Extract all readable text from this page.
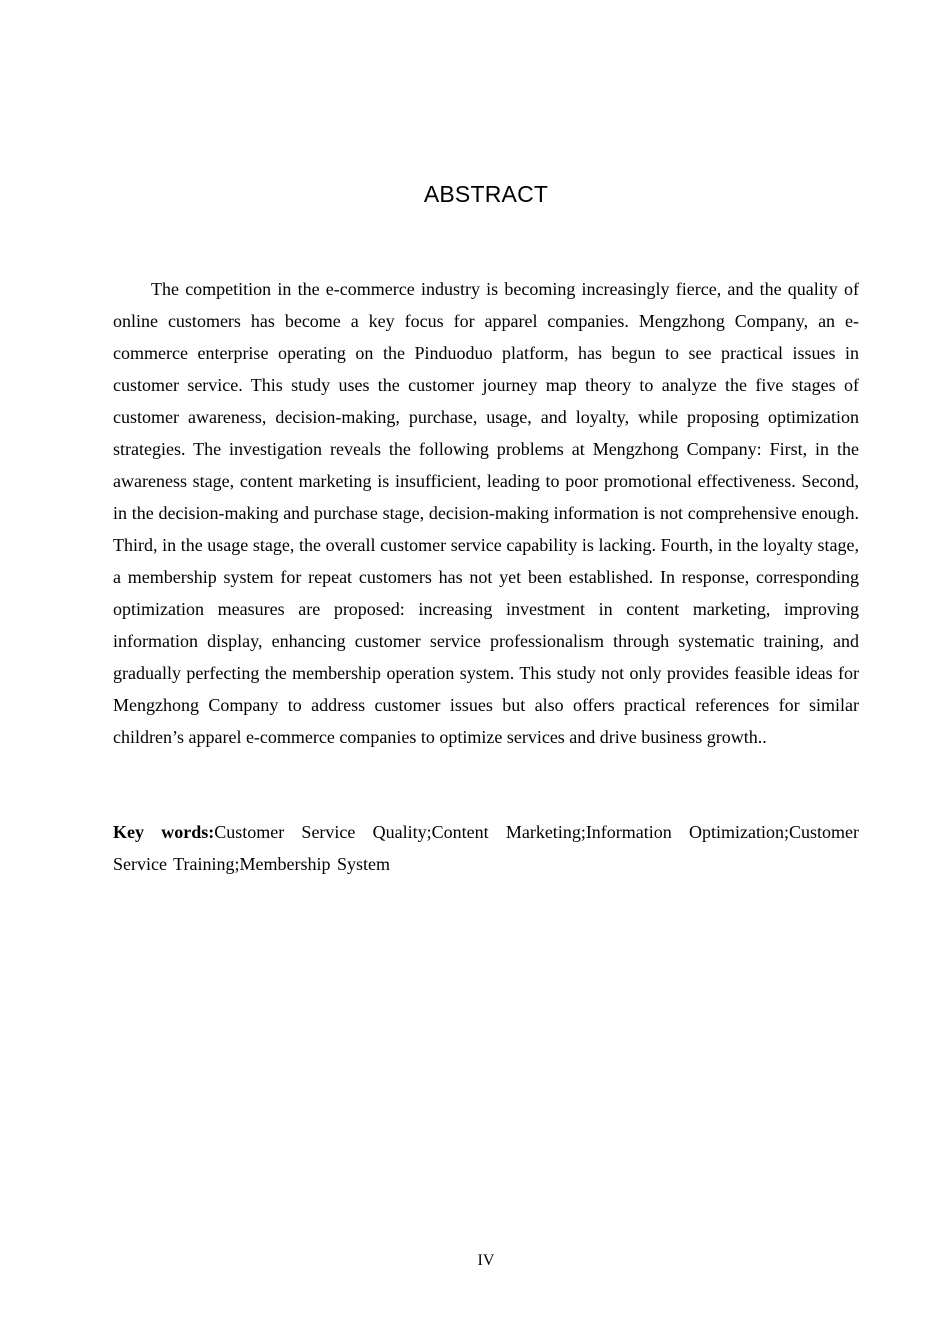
ABSTRACT

The competition in the e-commerce industry is becoming increasingly fierce, and the quality of online customers has become a key focus for apparel companies. Mengzhong Company, an e-commerce enterprise operating on the Pinduoduo platform, has begun to see practical issues in customer service. This study uses the customer journey map theory to analyze the five stages of customer awareness, decision-making, purchase, usage, and loyalty, while proposing optimization strategies. The investigation reveals the following problems at Mengzhong Company: First, in the awareness stage, content marketing is insufficient, leading to poor promotional effectiveness. Second, in the decision-making and purchase stage, decision-making information is not comprehensive enough. Third, in the usage stage, the overall customer service capability is lacking. Fourth, in the loyalty stage, a membership system for repeat customers has not yet been established. In response, corresponding optimization measures are proposed: increasing investment in content marketing, improving information display, enhancing customer service professionalism through systematic training, and gradually perfecting the membership operation system. This study not only provides feasible ideas for Mengzhong Company to address customer issues but also offers practical references for similar children’s apparel e-commerce companies to optimize services and drive business growth..

Key words:Customer Service Quality;Content Marketing;Information Optimization;Customer Service Training;Membership System

IV
